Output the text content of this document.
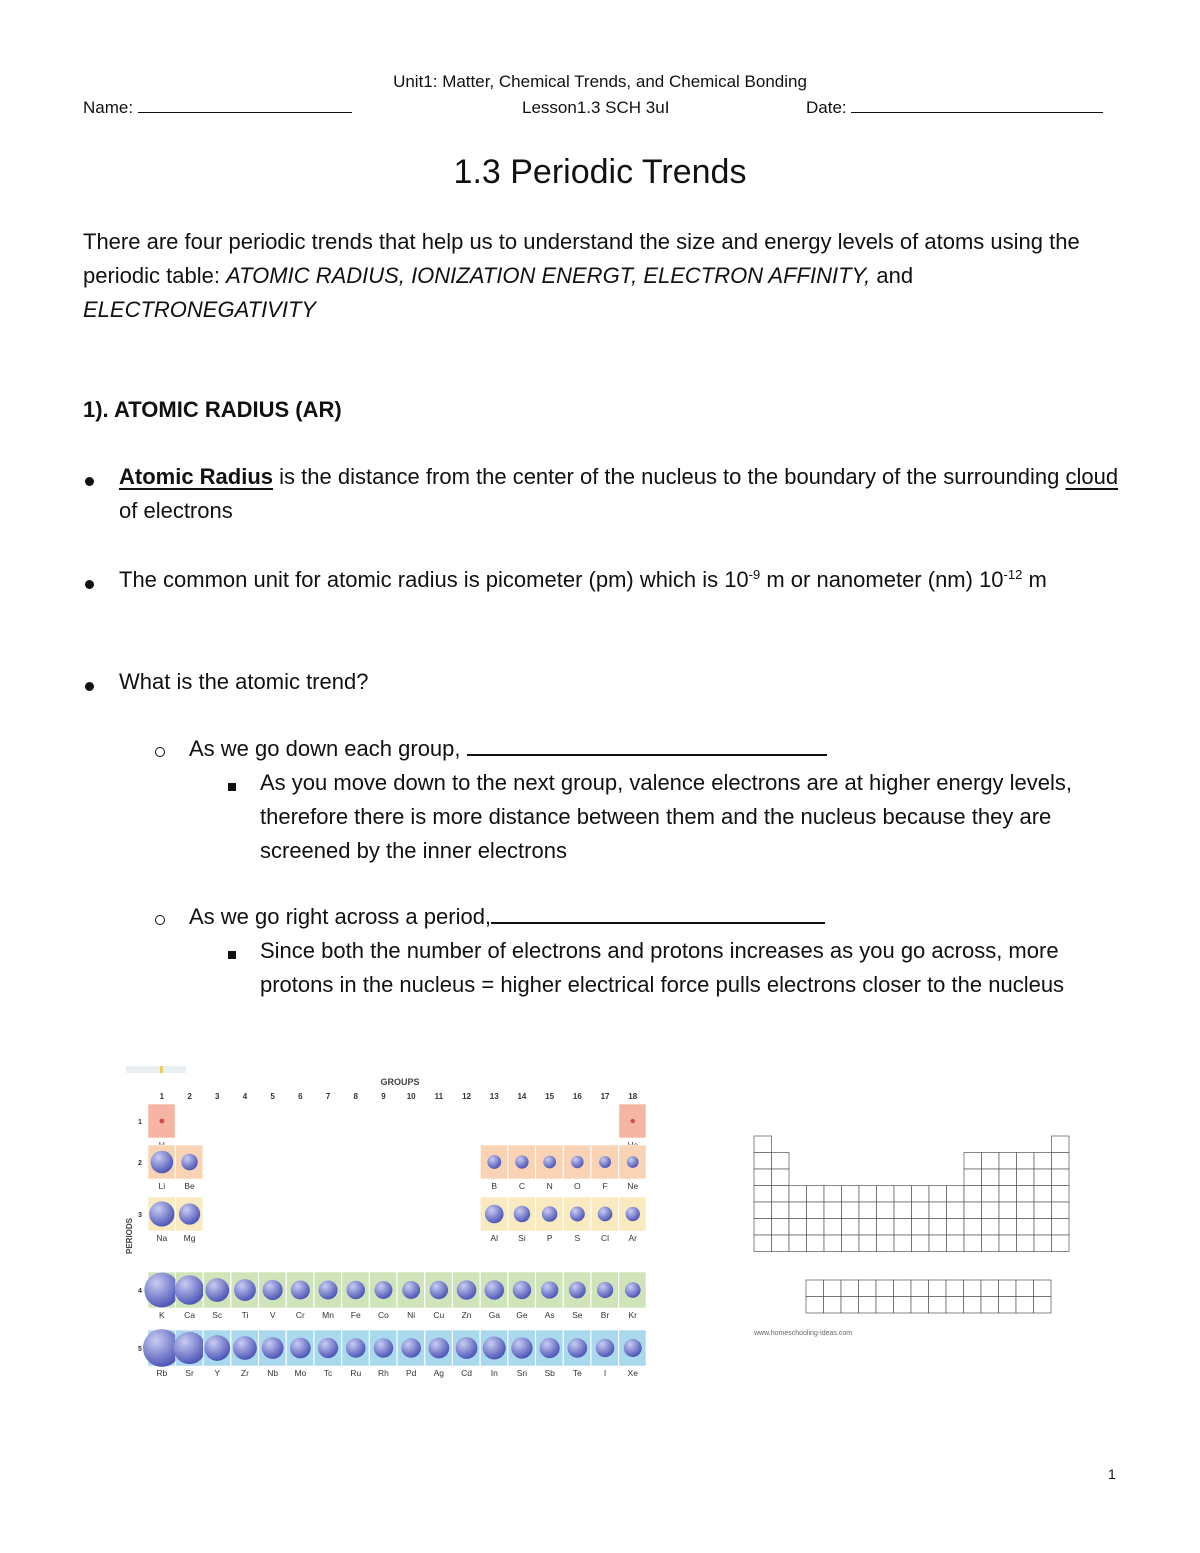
Unit1: Matter, Chemical Trends, and Chemical Bonding
Name:	Lesson1.3 SCH 3uI	Date:
1.3 Periodic Trends
There are four periodic trends that help us to understand the size and energy levels of atoms using the periodic table: ATOMIC RADIUS, IONIZATION ENERGT, ELECTRON AFFINITY, and ELECTRONEGATIVITY
1). ATOMIC RADIUS (AR)
Atomic Radius is the distance from the center of the nucleus to the boundary of the surrounding cloud of electrons
The common unit for atomic radius is picometer (pm) which is $10^{-9}$ m or nanometer (nm) $10^{-12}$ m
What is the atomic trend?
As we go down each group,
As you move down to the next group, valence electrons are at higher energy levels, therefore there is more distance between them and the nucleus because they are screened by the inner electrons
As we go right across a period,
Since both the number of electrons and protons increases as you go across, more protons in the nucleus = higher electrical force pulls electrons closer to the nucleus
GROUPS
PERIODS
1	2	3	4	5	6	7	8	9	10 11 12 13 14 15 16 17 18
1
2
Li Be	B	C	N	O	F Ne
3
Na Mg	Al Si P	S Cl Ar
4
K Ca Sc Ti	V Cr Mn Fe Co Ni Cu Zn Ga Ge As Se Br Kr
5
Rb Sr Y Zr Nb Mo Tc Ru Rh Pd Ag Cd In Sn Sb Te	I	Xe
www.homeschooling-ideas.com
1
